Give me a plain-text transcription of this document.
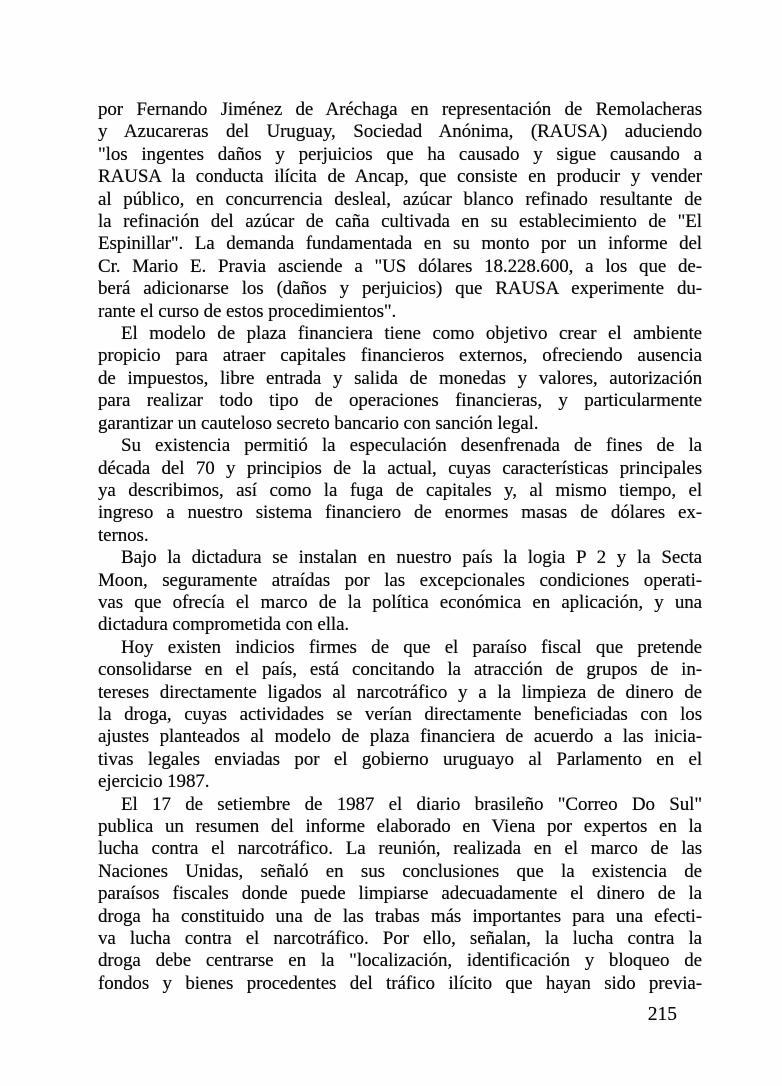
por Fernando Jiménez de Aréchaga en representación de Remolacheras
y Azucareras del Uruguay, Sociedad Anónima, (RAUSA) aduciendo
"los ingentes daños y perjuicios que ha causado y sigue causando a
RAUSA la conducta ilícita de Ancap, que consiste en producir y vender
al público, en concurrencia desleal, azúcar blanco refinado resultante de
la refinación del azúcar de caña cultivada en su establecimiento de "El
Espinillar". La demanda fundamentada en su monto por un informe del
Cr. Mario E. Pravia asciende a "US dólares 18.228.600, a los que de-
berá adicionarse los (daños y perjuicios) que RAUSA experimente du-
rante el curso de estos procedimientos".
El modelo de plaza financiera tiene como objetivo crear el ambiente
propicio para atraer capitales financieros externos, ofreciendo ausencia
de impuestos, libre entrada y salida de monedas y valores, autorización
para realizar todo tipo de operaciones financieras, y particularmente
garantizar un cauteloso secreto bancario con sanción legal.
Su existencia permitió la especulación desenfrenada de fines de la
década del 70 y principios de la actual, cuyas características principales
ya describimos, así como la fuga de capitales y, al mismo tiempo, el
ingreso a nuestro sistema financiero de enormes masas de dólares ex-
ternos.
Bajo la dictadura se instalan en nuestro país la logia P 2 y la Secta
Moon, seguramente atraídas por las excepcionales condiciones operati-
vas que ofrecía el marco de la política económica en aplicación, y una
dictadura comprometida con ella.
Hoy existen indicios firmes de que el paraíso fiscal que pretende
consolidarse en el país, está concitando la atracción de grupos de in-
tereses directamente ligados al narcotráfico y a la limpieza de dinero de
la droga, cuyas actividades se verían directamente beneficiadas con los
ajustes planteados al modelo de plaza financiera de acuerdo a las inicia-
tivas legales enviadas por el gobierno uruguayo al Parlamento en el
ejercicio 1987.
El 17 de setiembre de 1987 el diario brasileño "Correo Do Sul"
publica un resumen del informe elaborado en Viena por expertos en la
lucha contra el narcotráfico. La reunión, realizada en el marco de las
Naciones Unidas, señaló en sus conclusiones que la existencia de
paraísos fiscales donde puede limpiarse adecuadamente el dinero de la
droga ha constituido una de las trabas más importantes para una efecti-
va lucha contra el narcotráfico. Por ello, señalan, la lucha contra la
droga debe centrarse en la "localización, identificación y bloqueo de
fondos y bienes procedentes del tráfico ilícito que hayan sido previa-
215
